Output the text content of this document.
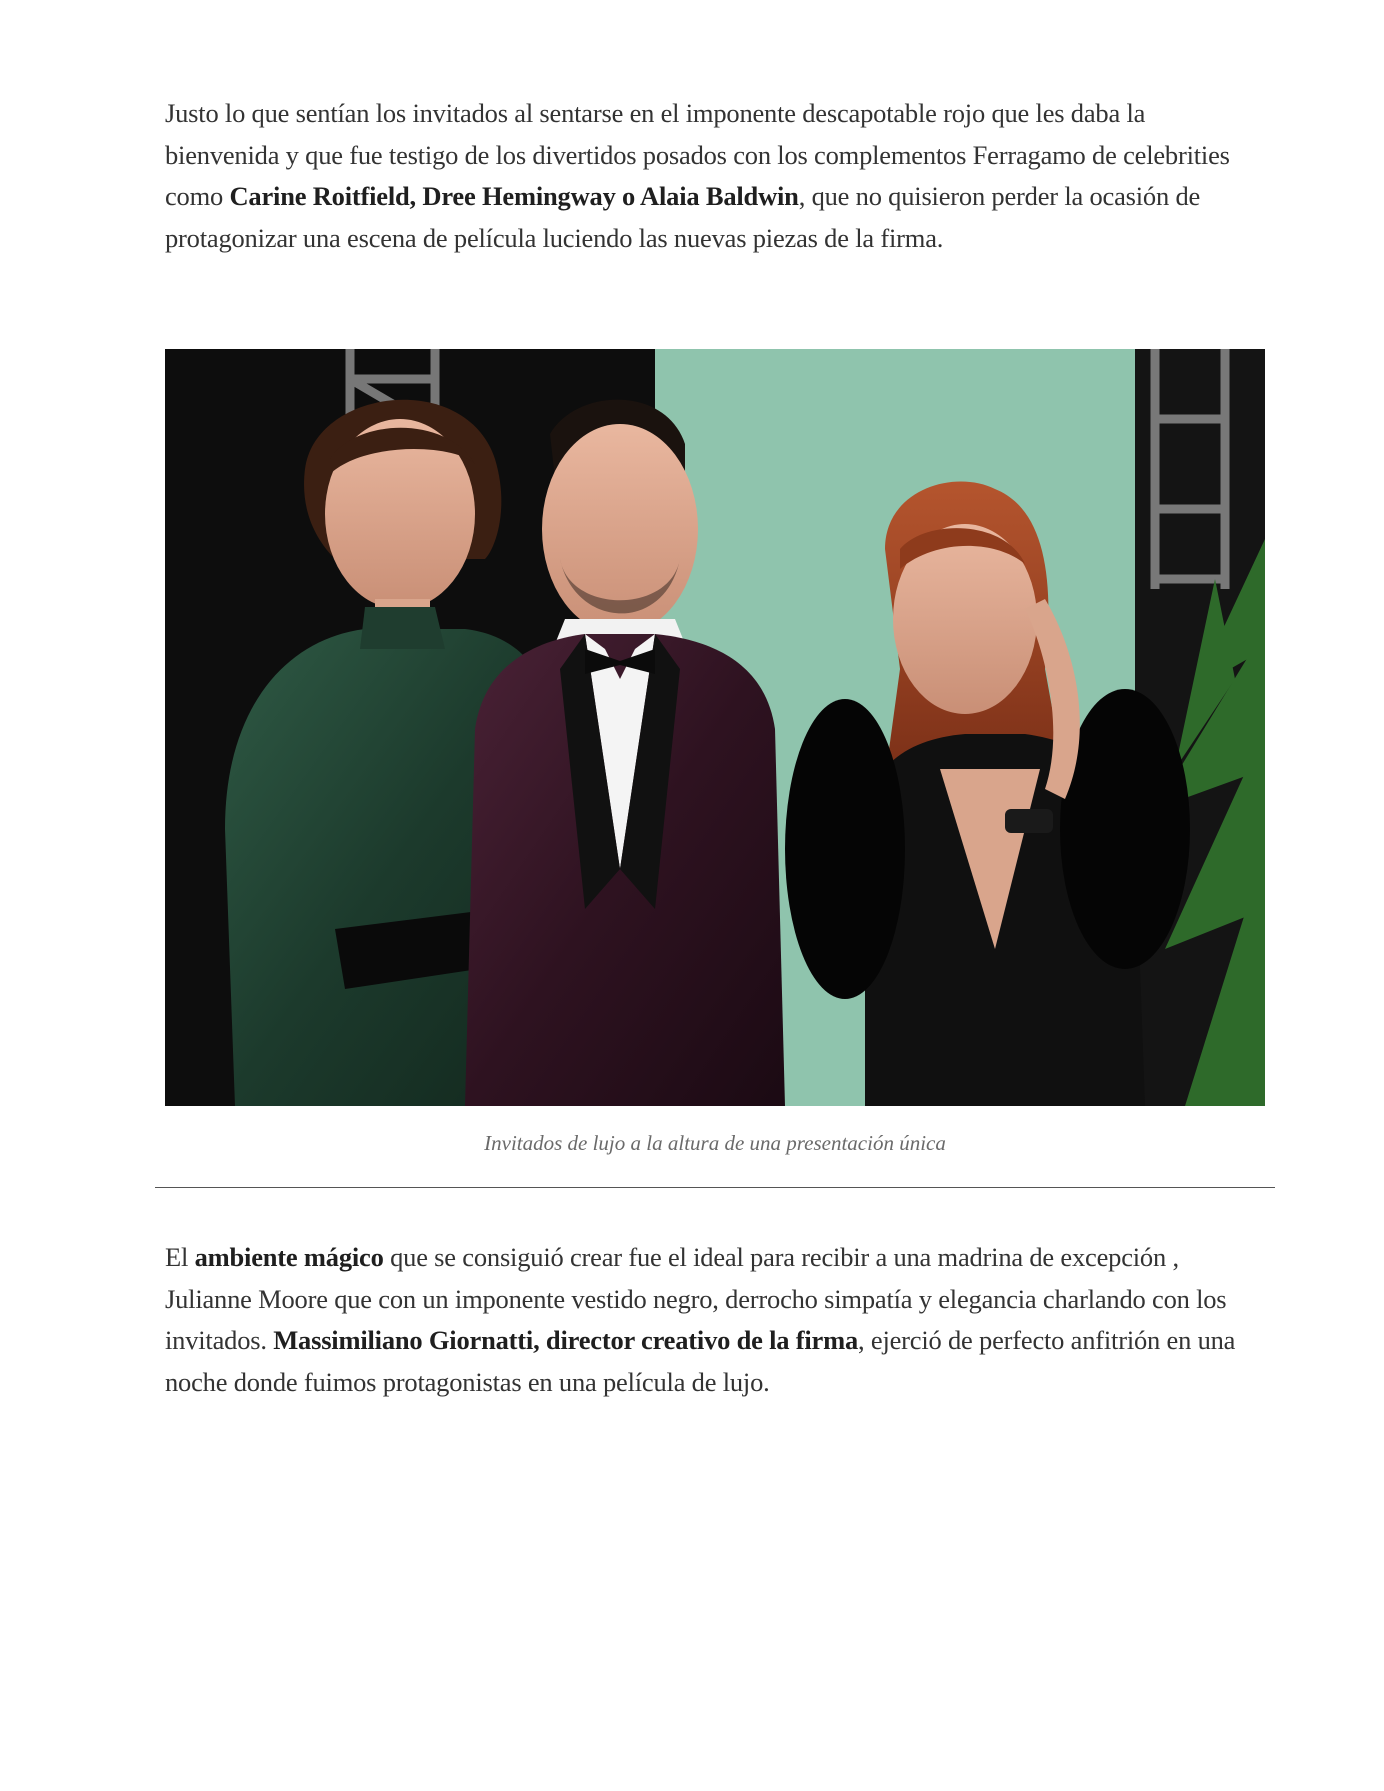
Justo lo que sentían los invitados al sentarse en el imponente descapotable rojo que les daba la bienvenida y que fue testigo de los divertidos posados con los complementos Ferragamo de celebrities como Carine Roitfield, Dree Hemingway o Alaia Baldwin, que no quisieron perder la ocasión de protagonizar una escena de película luciendo las nuevas piezas de la firma.

Invitados de lujo a la altura de una presentación única

El ambiente mágico que se consiguió crear fue el ideal para recibir a una madrina de excepción , Julianne Moore que con un imponente vestido negro, derrocho simpatía y elegancia charlando con los invitados. Massimiliano Giornatti, director creativo de la firma, ejerció de perfecto anfitrión en una noche donde fuimos protagonistas en una película de lujo.
